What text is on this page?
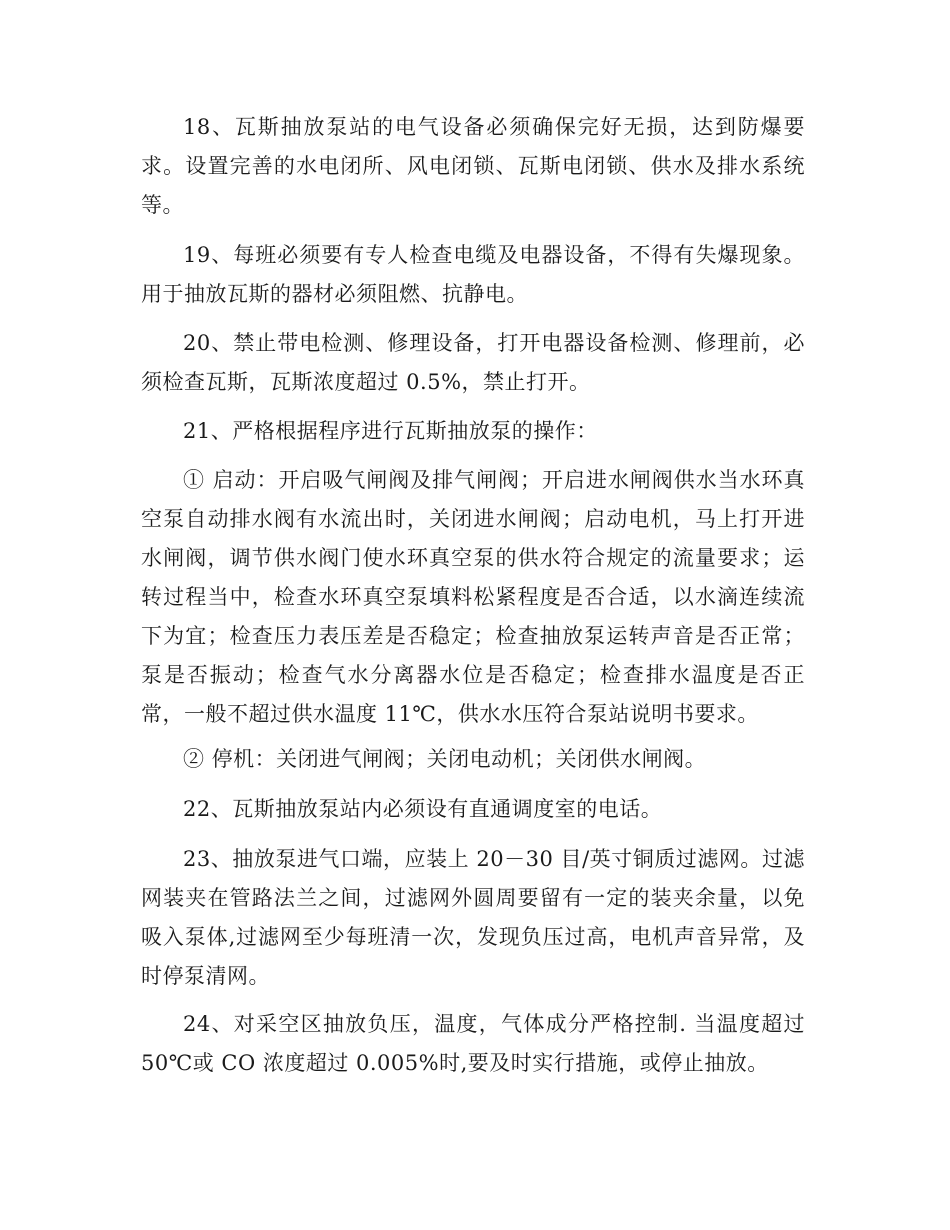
18、瓦斯抽放泵站的电气设备必须确保完好无损，达到防爆要求。设置完善的水电闭所、风电闭锁、瓦斯电闭锁、供水及排水系统等。

19、每班必须要有专人检查电缆及电器设备，不得有失爆现象。用于抽放瓦斯的器材必须阻燃、抗静电。

20、禁止带电检测、修理设备，打开电器设备检测、修理前，必须检查瓦斯，瓦斯浓度超过 0.5%，禁止打开。

21、严格根据程序进行瓦斯抽放泵的操作：

① 启动：开启吸气闸阀及排气闸阀；开启进水闸阀供水当水环真空泵自动排水阀有水流出时，关闭进水闸阀；启动电机，马上打开进水闸阀，调节供水阀门使水环真空泵的供水符合规定的流量要求；运转过程当中，检查水环真空泵填料松紧程度是否合适，以水滴连续流下为宜；检查压力表压差是否稳定；检查抽放泵运转声音是否正常；泵是否振动；检查气水分离器水位是否稳定；检查排水温度是否正常，一般不超过供水温度 11℃，供水水压符合泵站说明书要求。

② 停机：关闭进气闸阀；关闭电动机；关闭供水闸阀。

22、瓦斯抽放泵站内必须设有直通调度室的电话。

23、抽放泵进气口端，应装上 20－30 目/英寸铜质过滤网。过滤网装夹在管路法兰之间，过滤网外圆周要留有一定的装夹余量，以免吸入泵体,过滤网至少每班清一次，发现负压过高，电机声音异常，及时停泵清网。

24、对采空区抽放负压，温度，气体成分严格控制. 当温度超过 50℃或 CO 浓度超过 0.005%时,要及时实行措施，或停止抽放。
